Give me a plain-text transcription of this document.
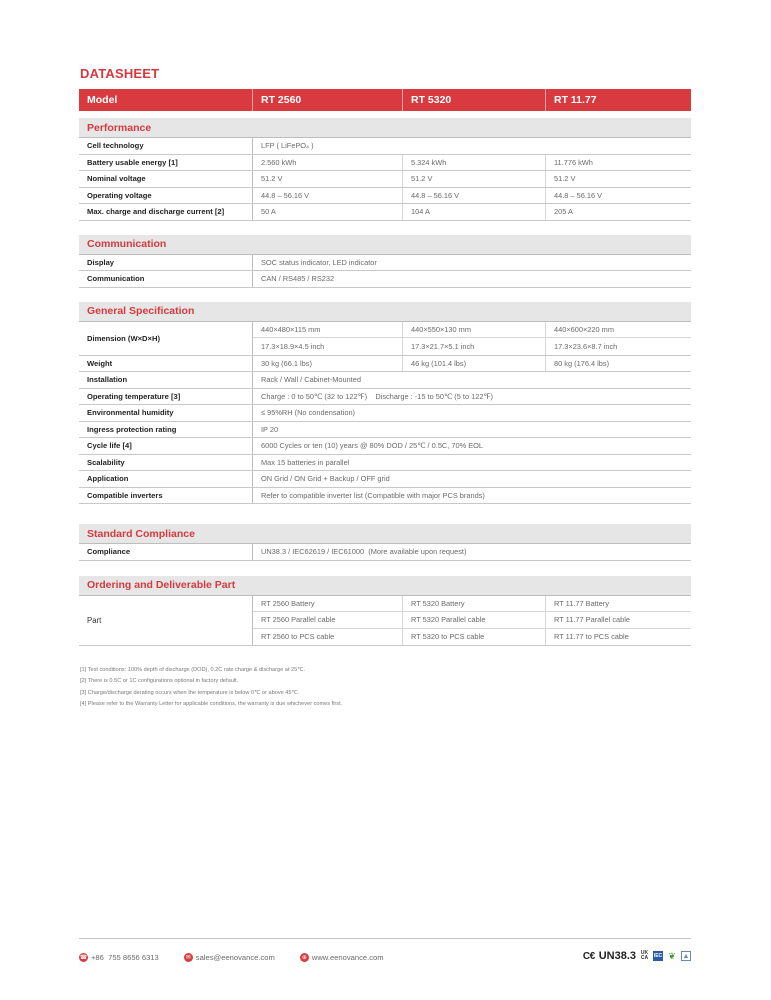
DATASHEET
Model	RT 2560	RT 5320	RT 11.77
Performance
Cell technology	LFP ( LiFePO₄ )
Battery usable energy [1]	2.560 kWh	5.324 kWh	11.776 kWh
Nominal voltage	51.2 V	51.2 V	51.2 V
Operating voltage	44.8 – 56.16 V	44.8 – 56.16 V	44.8 – 56.16 V
Max. charge and discharge current [2]	50 A	104 A	205 A
Communication
Display	SOC status indicator, LED indicator
Communication	CAN / RS485 / RS232
General Specification
Dimension (W×D×H)
440×480×115 mm	440×550×130 mm	440×600×220 mm
17.3×18.9×4.5 inch	17.3×21.7×5.1 inch	17.3×23.6×8.7 inch
Weight	30 kg (66.1 lbs)	46 kg (101.4 lbs)	80 kg (176.4 lbs)
Installation	Rack / Wall / Cabinet-Mounted
Operating temperature [3]	Charge : 0 to 50℃ (32 to 122℉)    Discharge : -15 to 50℃ (5 to 122℉)
Environmental humidity	≤ 95%RH (No condensation)
Ingress protection rating	IP 20
Cycle life [4]	6000 Cycles or ten (10) years @ 80% DOD / 25℃ / 0.5C, 70% EOL
Scalability	Max 15 batteries in parallel
Application	ON Grid / ON Grid + Backup / OFF grid
Compatible inverters	Refer to compatible inverter list (Compatible with major PCS brands)
Standard Compliance
Compliance	UN38.3 / IEC62619 / IEC61000  (More available upon request)
Ordering and Deliverable Part
Part
RT 2560 Battery	RT 5320 Battery	RT 11.77 Battery
RT 2560 Parallel cable	RT 5320 Parallel cable	RT 11.77 Parallel cable
RT 2560 to PCS cable	RT 5320 to PCS cable	RT 11.77 to PCS cable
[1] Test conditions: 100% depth of discharge (DOD), 0.2C rate charge & discharge at 25℃.
[2] There is 0.5C or 1C configurations optional in factory default.
[3] Charge/discharge derating occurs when the temperature is below 0℃ or above 45℃.
[4] Please refer to the Warranty Letter for applicable conditions, the warranty is due whichever comes first.
☎ +86  755 8656 6313	✉ sales@eenovance.com	⊕ www.eenovance.com	C€ UN38.3 UK CA IEC ❦ ▲
